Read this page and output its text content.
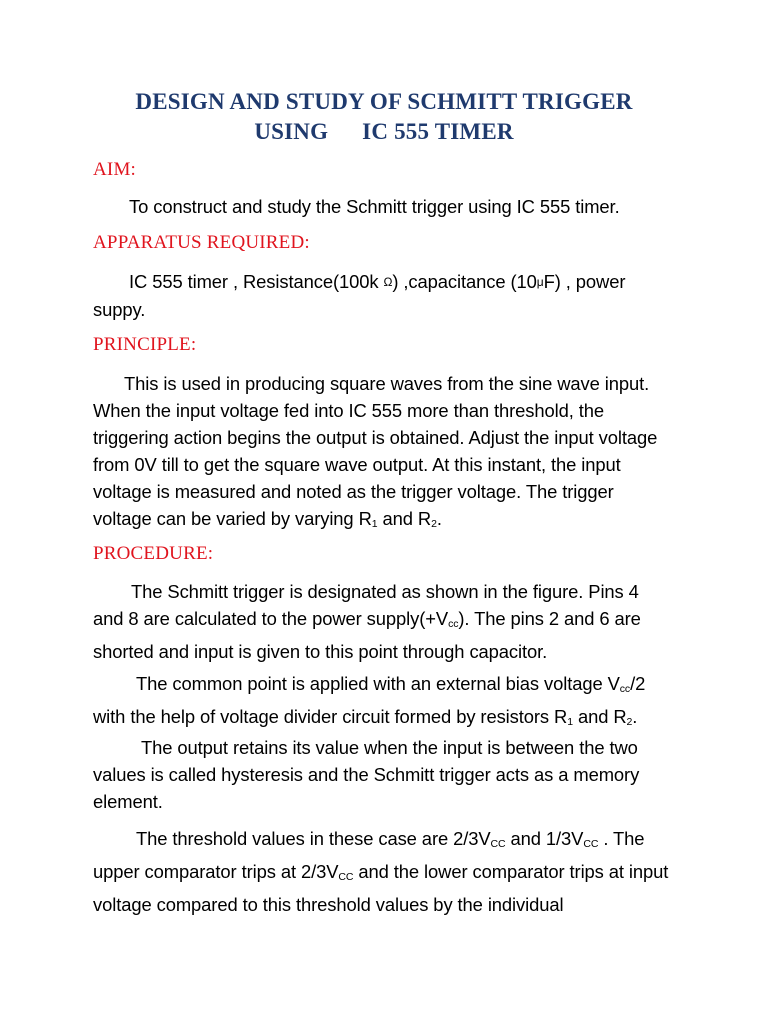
DESIGN AND STUDY OF SCHMITT TRIGGER
USING IC 555 TIMER
AIM:
To construct and study the Schmitt trigger using IC 555 timer.
APPARATUS REQUIRED:
IC 555 timer , Resistance(100k Ω) ,capacitance (10μF) , power suppy.
PRINCIPLE:
This is used in producing square waves from the sine wave input. When the input voltage fed into IC 555 more than threshold, the triggering action begins the output is obtained. Adjust the input voltage from 0V till to get the square wave output. At this instant, the input voltage is measured and noted as the trigger voltage. The trigger voltage can be varied by varying R1 and R2.
PROCEDURE:
The Schmitt trigger is designated as shown in the figure. Pins 4 and 8 are calculated to the power supply(+Vcc). The pins 2 and 6 are shorted and input is given to this point through capacitor.
The common point is applied with an external bias voltage Vcc/2 with the help of voltage divider circuit formed by resistors R1 and R2.
The output retains its value when the input is between the two values is called hysteresis and the Schmitt trigger acts as a memory element.
The threshold values in these case are 2/3VCC and 1/3VCC . The upper comparator trips at 2/3VCC and the lower comparator trips at input voltage compared to this threshold values by the individual
